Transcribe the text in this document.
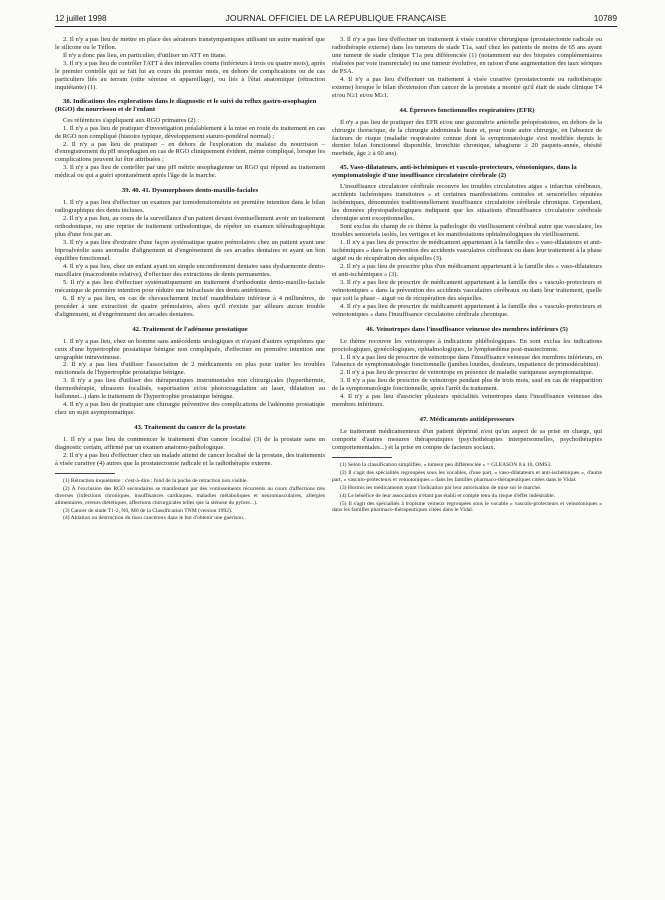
12 juillet 1998	JOURNAL OFFICIEL DE LA RÉPUBLIQUE FRANÇAISE	10789

2. Il n'y a pas lieu de mettre en place des aérateurs transtympaniques utilisant un autre matériel que le silicone ou le Téflon.

Il n'y a donc pas lieu, en particulier, d'utiliser un ATT en titane.

3. Il n'y a pas lieu de contrôler l'ATT à des intervalles courts (inférieurs à trois ou quatre mois), après le premier contrôle qui se fait lui au cours du premier mois, en dehors de complications ou de cas particuliers liés au terrain (otite séreuse et appareillage), ou liés à l'état anatomique (rétraction inquiétante) (1).

38. Indications des explorations dans le diagnostic et le suivi du reflux gastro-œsophagien (RGO) du nourrisson et de l'enfant

Ces références s'appliquent aux RGO primaires (2) :

1. Il n'y a pas lieu de pratiquer d'investigation préalablement à la mise en route du traitement en cas de RGO non compliqué (histoire typique, développement staturo-pondéral normal) ;

2. Il n'y a pas lieu de pratiquer – en dehors de l'exploration du malaise du nourrisson – d'enregistrement du pH œsophagien en cas de RGO cliniquement évident, même compliqué, lorsque les complications peuvent lui être attribuées ;

3. Il n'y a pas lieu de contrôler par une pH métrie œsophagienne un RGO qui répond au traitement médical ou qui a guéri spontanément après l'âge de la marche.

39. 40. 41. Dysmorphoses dento-maxillo-faciales

1. Il n'y a pas lieu d'effectuer un examen par tomodensitométrie en première intention dans le bilan radiographique des dents incluses.

2. Il n'y a pas lieu, au cours de la surveillance d'un patient devant éventuellement avoir un traitement orthodontique, ou une reprise de traitement orthodontique, de répéter un examen téléradiographique plus d'une fois par an.

3. Il n'y a pas lieu d'extraire d'une façon systématique quatre prémolaires chez un patient ayant une biproalvéolie sans anomalie d'alignement ni d'engrènement de ses arcades dentaires et ayant un bon équilibre fonctionnel.

4. Il n'y a pas lieu, chez un enfant ayant un simple encombrement dentaire sans dysharmonie dento-maxillaire (macrodontie relative), d'effectuer des extractions de dents permanentes.

5. Il n'y a pas lieu d'effectuer systématiquement un traitement d'orthodontie dento-maxillo-faciale mécanique de première intention pour réduire une infraclusie des dents antérieures.

6. Il n'y a pas lieu, en cas de chevauchement incisif mandibulaire inférieur à 4 millimètres, de procéder à une extraction de quatre prémolaires, alors qu'il n'existe par ailleurs aucun trouble d'alignement, ni d'engrènement des arcades dentaires.

42. Traitement de l'adénome prostatique

1. Il n'y a pas lieu, chez un homme sans antécédents urologiques et n'ayant d'autres symptômes que ceux d'une hypertrophie prostatique bénigne non compliquée, d'effectuer en première intention une urographie intraveineuse.

2. Il n'y a pas lieu d'utiliser l'association de 2 médicaments ou plus pour traiter les troubles mictionnels de l'hypertrophie prostatique bénigne.

3. Il n'y a pas lieu d'utiliser des thérapeutiques instrumentales non chirurgicales (hyperthermie, thermothérapie, ultrasons focalisés, vaporisation et/ou photocoagulation au laser, dilatation au ballonnet...) dans le traitement de l'hypertrophie prostatique bénigne.

4. Il n'y a pas lieu de pratiquer une chirurgie préventive des complications de l'adénome prostatique chez un sujet asymptomatique.

43. Traitement du cancer de la prostate

1. Il n'y a pas lieu de commencer le traitement d'un cancer localisé (3) de la prostate sans un diagnostic certain, affirmé par un examen anatomo-pathologique.

2. Il n'y a pas lieu d'effectuer chez un malade atteint de cancer localisé de la prostate, des traitements à visée curative (4) autres que la prostatectomie radicale et la radiothérapie externe.

(1) Rétraction inquiétante : c'est-à-dire : fond de la poche de rétraction non visible.

(2) À l'exclusion des RGO secondaires se manifestant par des vomissements récurrents au cours d'affections très diverses (infections chroniques, insuffisances cardiaques, maladies métaboliques et neuromusculaires, allergies alimentaires, erreurs diététiques, affections chirurgicales telles que la sténose du pylore...).

(3) Cancer de stade T1-2, N0, M0 de la Classification TNM (version 1992).

(4) Ablation ou destruction du tissu cancéreux dans le but d'obtenir une guérison.

3. Il n'y a pas lieu d'effectuer un traitement à visée curative chirurgique (prostatectomie radicale ou radiothérapie externe) dans les tumeurs de stade T1a, sauf chez les patients de moins de 65 ans ayant une tumeur de stade clinique T1a peu différenciée (1) (notamment sur des biopsies complémentaires réalisées par voie transrectale) ou une tumeur évolutive, en raison d'une augmentation des taux sériques de PSA.

4. Il n'y a pas lieu d'effectuer un traitement à visée curative (prostatectomie ou radiothérapie externe) lorsque le bilan d'extension d'un cancer de la prostate a montré qu'il était de stade clinique T4 et/ou N≥1 et/ou M≥1.

44. Épreuves fonctionnelles respiratoires (EFR)

Il n'y a pas lieu de pratiquer des EFR et/ou une gazométrie artérielle préopératoires, en dehors de la chirurgie thoracique, de la chirurgie abdominale haute et, pour toute autre chirurgie, en l'absence de facteurs de risque (maladie respiratoire connue dont la symptomatologie s'est modifiée depuis le dernier bilan fonctionnel disponible, bronchite chronique, tabagisme ≥ 20 paquets-année, obésité morbide, âge ≥ à 60 ans).

45. Vaso-dilatateurs, anti-ischémiques et vasculo-protecteurs, vénotoniques, dans la symptomatologie d'une insuffisance circulatoire cérébrale (2)

L'insuffisance circulatoire cérébrale recouvre les troubles circulatoires aigus « infarctus cérébraux, accidents ischémiques transitoires » et certaines manifestations centrales et sensorielles réputées ischémiques, dénommées traditionnellement insuffisance circulatoire cérébrale chronique. Cependant, les données physiopathologiques indiquent que les situations d'insuffisance circulatoire cérébrale chronique sont exceptionnelles.

Sont exclus du champ de ce thème la pathologie du vieillissement cérébral autre que vasculaire, les troubles sensoriels isolés, les vertiges et les manifestations ophtalmologiques du vieillissement.

1. Il n'y a pas lieu de prescrire de médicament appartenant à la famille des « vaso-dilatateurs et anti-ischémiques » dans la prévention des accidents vasculaires cérébraux ou dans leur traitement à la phase aiguë ou de récupération des séquelles (3).

2. Il n'y a pas lieu de prescrire plus d'un médicament appartenant à la famille des « vaso-dilatateurs et anti-ischémiques » (3).

3. Il n'y a pas lieu de prescrire de médicament appartenant à la famille des « vasculo-protecteurs et veinotoniques » dans la prévention des accidents vasculaires cérébraux ou dans leur traitement, quelle que soit la phase – aiguë ou de récupération des séquelles.

4. Il n'y a pas lieu de prescrire de médicament appartenant à la famille des « vasculo-protecteurs et veinotoniques » dans l'insuffisance circulatoire cérébrale chronique.

46. Veinotropes dans l'insuffisance veineuse des membres inférieurs (5)

Le thème recouvre les veinotropes à indications phlébologiques. En sont exclus les indications proctologiques, gynécologiques, ophtalmologiques, le lymphœdème post-mastectomie.

1. Il n'y a pas lieu de prescrire de veinotrope dans l'insuffisance veineuse des membres inférieurs, en l'absence de symptomatologie fonctionnelle (jambes lourdes, douleurs, impatience de primodécubitus).

2. Il n'y a pas lieu de prescrire de veinotrope en présence de maladie variqueuse asymptomatique.

3. Il n'y a pas lieu de prescrire de veinotrope pendant plus de trois mois, sauf en cas de réapparition de la symptomatologie fonctionnelle, après l'arrêt du traitement.

4. Il n'y a pas lieu d'associer plusieurs spécialités veinotropes dans l'insuffisance veineuse des membres inférieurs.

47. Médicaments antidépresseurs

Le traitement médicamenteux d'un patient déprimé n'est qu'un aspect de sa prise en charge, qui comporte d'autres mesures thérapeutiques (psychothérapies interpersonnelles, psychothérapies comportementales...) et la prise en compte de facteurs sociaux.

(1) Selon la classification simplifiée, « tumeur peu différenciée » = GLEASON 8 à 10, OMS3.

(2) Il s'agit des spécialités regroupées sous les vocables, d'une part, « vaso-dilatateurs et anti-ischémiques », d'autre part, « vasculo-protecteurs et veinotoniques » dans les familles pharmaco-thérapeutiques citées dans le Vidal.

(3) Hormis les médicaments ayant l'indication par leur autorisation de mise sur le marché.

(4) Le bénéfice de leur association n'étant pas établi et compte tenu du risque d'effet indésirable.

(5) Il s'agit des spécialités à tropisme veineux regroupées sous le vocable « vasculo-protecteurs et veinotoniques » dans les familles pharmaco-thérapeutiques citées dans le Vidal.
